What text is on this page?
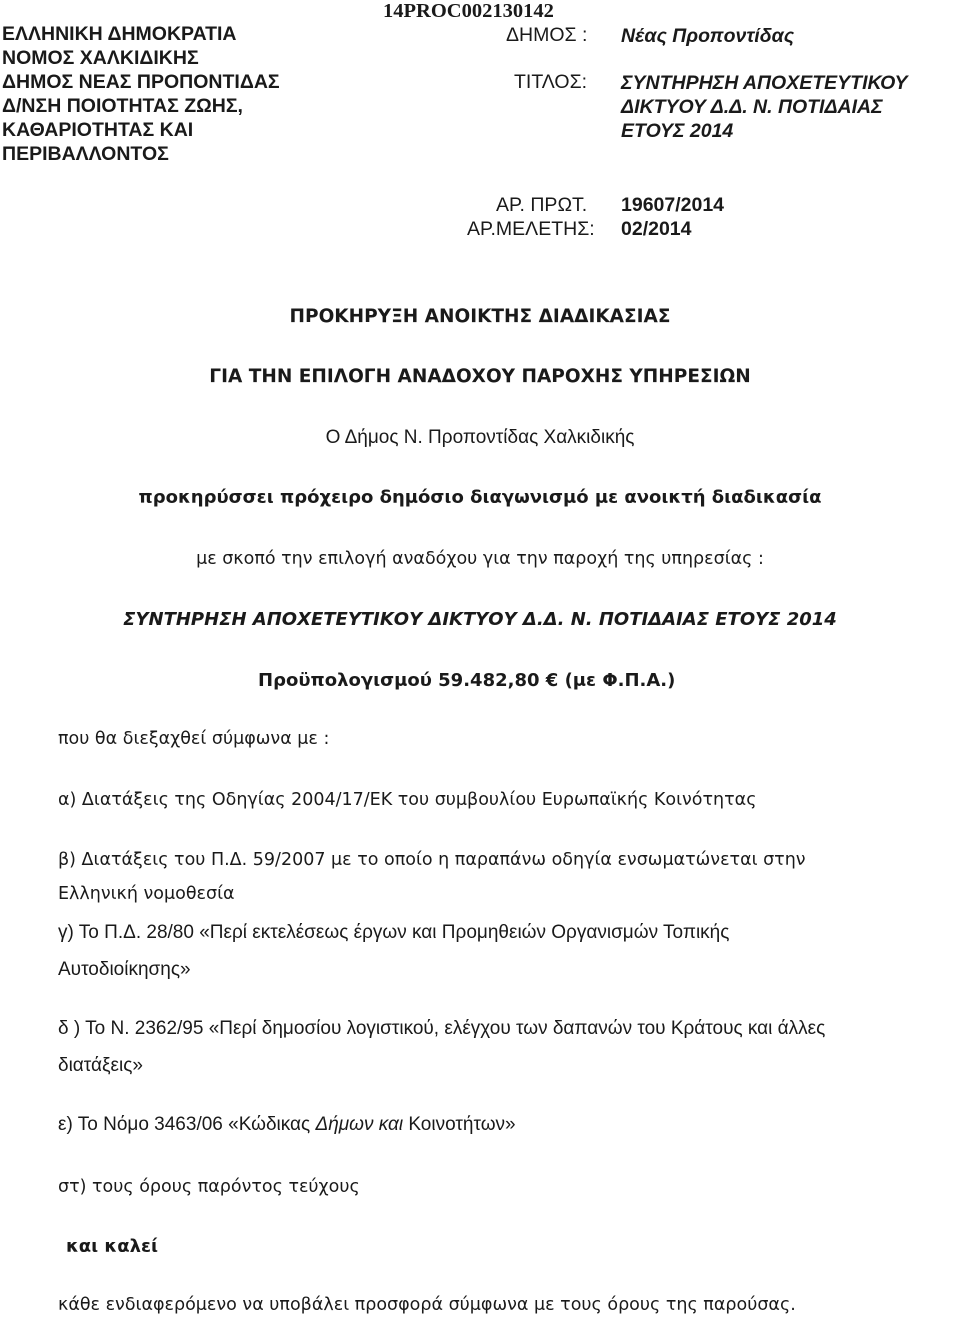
ΕΛΛΗΝΙΚΗ ΔΗΜΟΚΡΑΤΙΑ
ΝΟΜΟΣ ΧΑΛΚΙΔΙΚΗΣ
ΔΗΜΟΣ ΝΕΑΣ ΠΡΟΠΟΝΤΙΔΑΣ
Δ/ΝΣΗ ΠΟΙΟΤΗΤΑΣ ΖΩΗΣ,
ΚΑΘΑΡΙΟΤΗΤΑΣ ΚΑΙ
ΠΕΡΙΒΑΛΛΟΝΤΟΣ
14PROC002130142
ΔΗΜΟΣ : Νέας Προποντίδας
ΤΙΤΛΟΣ: ΣΥΝΤΗΡΗΣΗ ΑΠΟΧΕΤΕΥΤΙΚΟΥ
ΔΙΚΤΥΟΥ Δ.Δ. Ν. ΠΟΤΙΔΑΙΑΣ
ΕΤΟΥΣ 2014
ΑΡ. ΠΡΩΤ. 19607/2014
ΑΡ.ΜΕΛΕΤΗΣ: 02/2014
ΠΡΟΚΗΡΥΞΗ ΑΝΟΙΚΤΗΣ ΔΙΑΔΙΚΑΣΙΑΣ
ΓΙΑ ΤΗΝ ΕΠΙΛΟΓΗ ΑΝΑΔΟΧΟΥ ΠΑΡΟΧΗΣ ΥΠΗΡΕΣΙΩΝ
Ο Δήμος Ν. Προποντίδας Χαλκιδικής
προκηρύσσει πρόχειρο δημόσιο διαγωνισμό με ανοικτή διαδικασία
με σκοπό την επιλογή αναδόχου για την παροχή της υπηρεσίας :
ΣΥΝΤΗΡΗΣΗ ΑΠΟΧΕΤΕΥΤΙΚΟΥ ΔΙΚΤΥΟΥ Δ.Δ. Ν. ΠΟΤΙΔΑΙΑΣ ΕΤΟΥΣ 2014
Προϋπολογισμού 59.482,80 € (με Φ.Π.Α.)
που θα διεξαχθεί σύμφωνα με :
α) Διατάξεις της Οδηγίας 2004/17/ΕΚ του συμβουλίου Ευρωπαϊκής Κοινότητας
β) Διατάξεις του Π.Δ. 59/2007 με το οποίο η παραπάνω οδηγία ενσωματώνεται στην
Ελληνική νομοθεσία
γ) Το Π.Δ. 28/80 «Περί εκτελέσεως έργων και Προμηθειών Οργανισμών Τοπικής
Αυτοδιοίκησης»
δ ) Το Ν. 2362/95 «Περί δημοσίου λογιστικού, ελέγχου των δαπανών του Κράτους και άλλες
διατάξεις»
ε) Το Νόμο 3463/06 «Κώδικας Δήμων και Κοινοτήτων»
στ) τους όρους παρόντος τεύχους
και καλεί
κάθε ενδιαφερόμενο να υποβάλει προσφορά σύμφωνα με τους όρους της παρούσας.
